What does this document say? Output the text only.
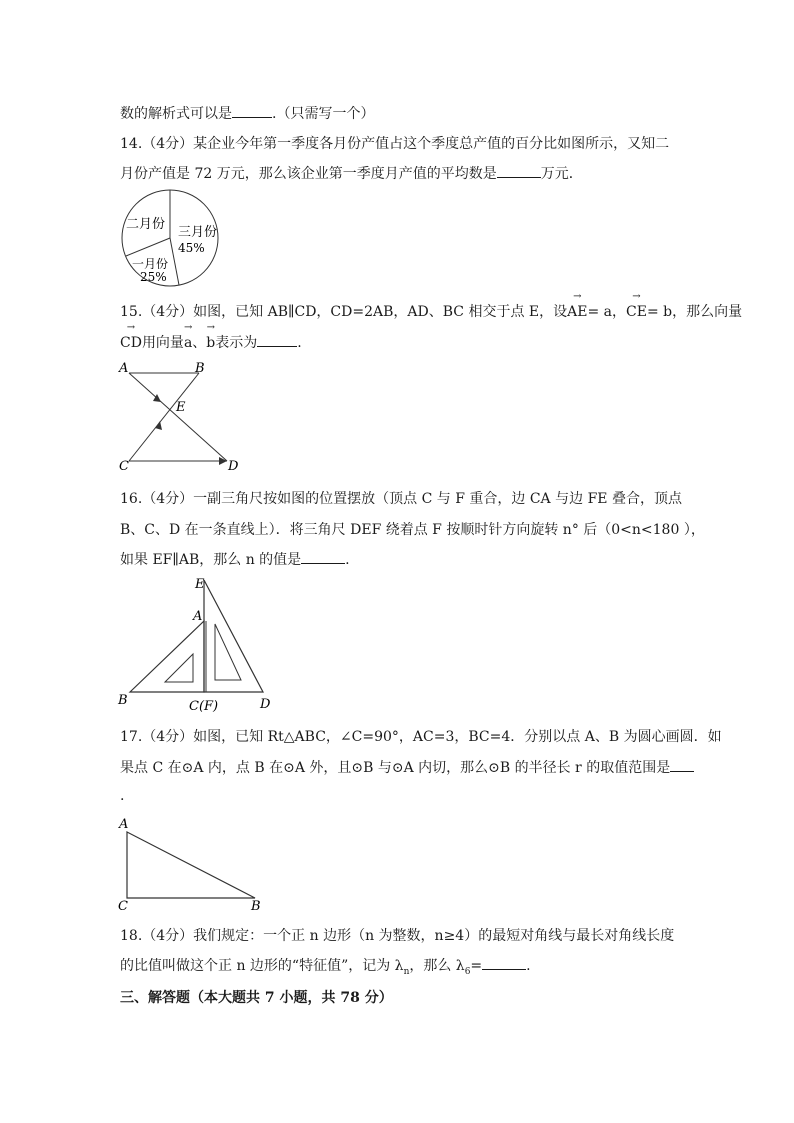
数的解析式可以是	.（只需写一个）
14.（4分）某企业今年第一季度各月份产值占这个季度总产值的百分比如图所示，又知二
月份产值是 72 万元，那么该企业第一季度月产值的平均数是	万元．
二月份
三月份
45%
一月份
25%
15.（4分）如图，已知 AB∥CD，CD=2AB，AD、BC 相交于点 E，设→ AE= a，→ CE= b，那么向量
→ CD用向量→ a、→ b表示为	.
A	B
E
C	D
16.（4分）一副三角尺按如图的位置摆放（顶点 C 与 F 重合，边 CA 与边 FE 叠合，顶点
B、C、D 在一条直线上）．将三角尺 DEF 绕着点 F 按顺时针方向旋转 n° 后（0<n<180 ），
如果 EF∥AB，那么 n 的值是	.
E
A
B	C(F)	D
17.（4分）如图，已知 Rt△ABC，∠C=90°，AC=3，BC=4．分别以点 A、B 为圆心画圆．如
果点 C 在⊙A 内，点 B 在⊙A 外，且⊙B 与⊙A 内切，那么⊙B 的半径长 r 的取值范围是
.
A
C	B
18.（4分）我们规定：一个正 n 边形（n 为整数，n≥4）的最短对角线与最长对角线长度
的比值叫做这个正 n 边形的“特征值”，记为 $\lambda_n$，那么 $\lambda_6=$	.
三、解答题（本大题共 7 小题，共 78 分）
